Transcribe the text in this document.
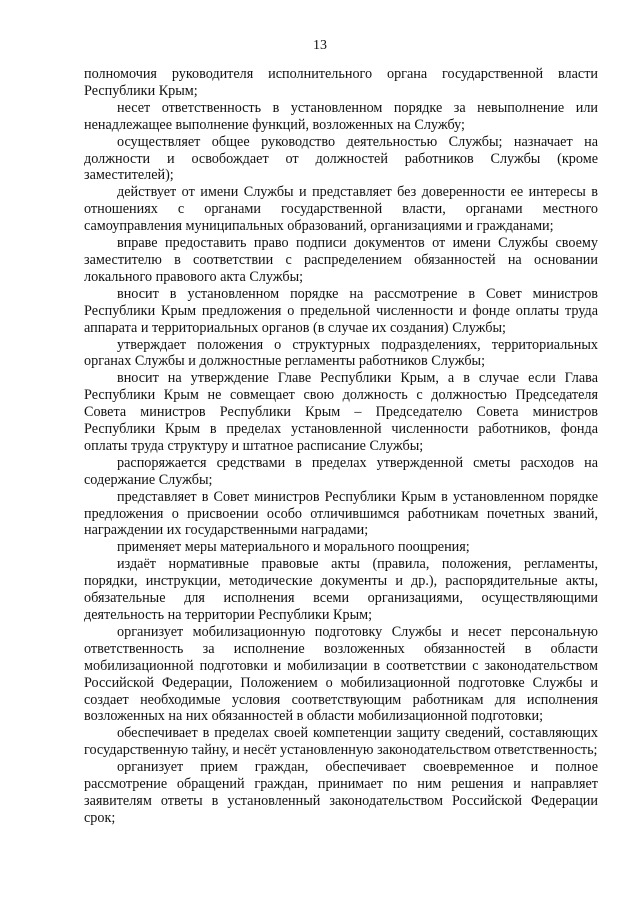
13

полномочия руководителя исполнительного органа государственной власти Республики Крым;

несет ответственность в установленном порядке за невыполнение или ненадлежащее выполнение функций, возложенных на Службу;

осуществляет общее руководство деятельностью Службы; назначает на должности и освобождает от должностей работников Службы (кроме заместителей);

действует от имени Службы и представляет без доверенности ее интересы в отношениях с органами государственной власти, органами местного самоуправления муниципальных образований, организациями и гражданами;

вправе предоставить право подписи документов от имени Службы своему заместителю в соответствии с распределением обязанностей на основании локального правового акта Службы;

вносит в установленном порядке на рассмотрение в Совет министров Республики Крым предложения о предельной численности и фонде оплаты труда аппарата и территориальных органов (в случае их создания) Службы;

утверждает положения о структурных подразделениях, территориальных органах Службы и должностные регламенты работников Службы;

вносит на утверждение Главе Республики Крым, а в случае если Глава Республики Крым не совмещает свою должность с должностью Председателя Совета министров Республики Крым – Председателю Совета министров Республики Крым в пределах установленной численности работников, фонда оплаты труда структуру и штатное расписание Службы;

распоряжается средствами в пределах утвержденной сметы расходов на содержание Службы;

представляет в Совет министров Республики Крым в установленном порядке предложения о присвоении особо отличившимся работникам почетных званий, награждении их государственными наградами;

применяет меры материального и морального поощрения;

издаёт нормативные правовые акты (правила, положения, регламенты, порядки, инструкции, методические документы и др.), распорядительные акты, обязательные для исполнения всеми организациями, осуществляющими деятельность на территории Республики Крым;

организует мобилизационную подготовку Службы и несет персональную ответственность за исполнение возложенных обязанностей в области мобилизационной подготовки и мобилизации в соответствии с законодательством Российской Федерации, Положением о мобилизационной подготовке Службы и создает необходимые условия соответствующим работникам для исполнения возложенных на них обязанностей в области мобилизационной подготовки;

обеспечивает в пределах своей компетенции защиту сведений, составляющих государственную тайну, и несёт установленную законодательством ответственность;

организует прием граждан, обеспечивает своевременное и полное рассмотрение обращений граждан, принимает по ним решения и направляет заявителям ответы в установленный законодательством Российской Федерации срок;
